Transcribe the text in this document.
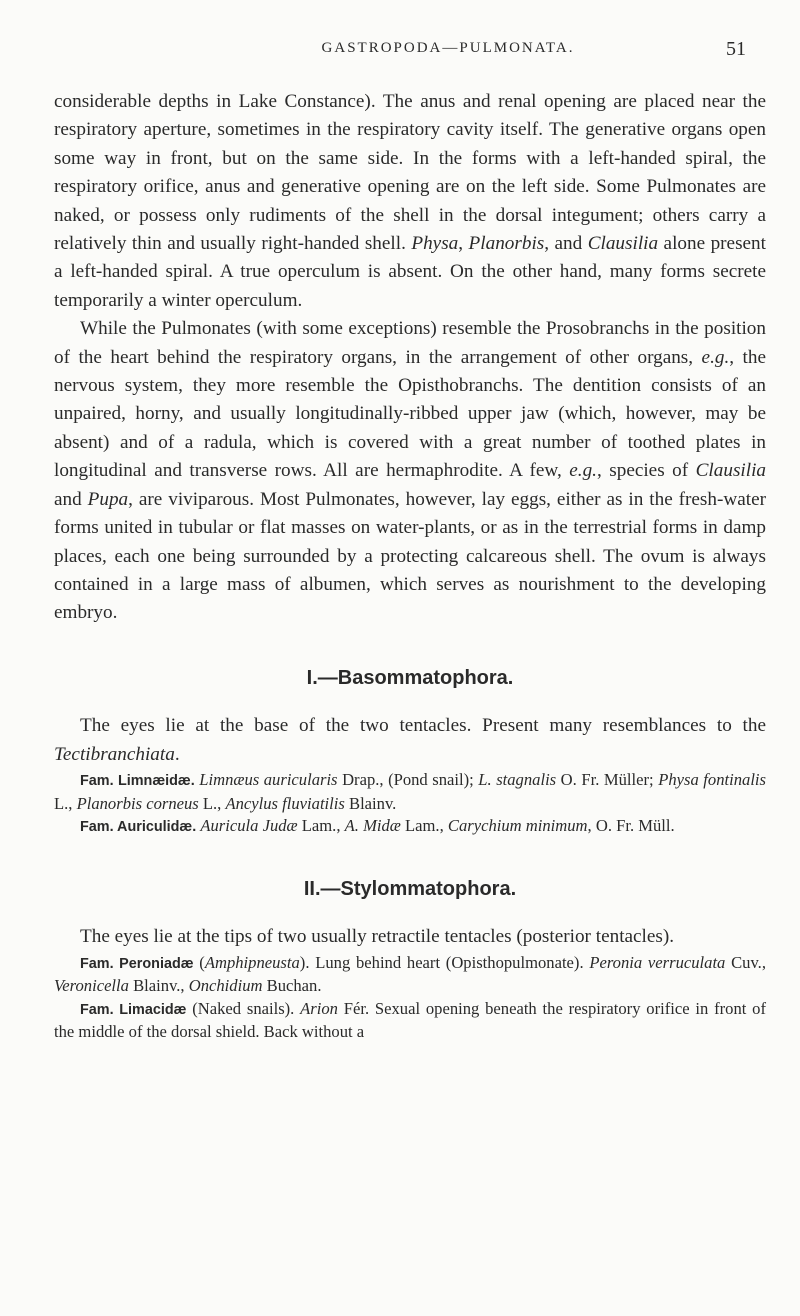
GASTROPODA—PULMONATA.	51

considerable depths in Lake Constance). The anus and renal opening are placed near the respiratory aperture, sometimes in the respiratory cavity itself. The generative organs open some way in front, but on the same side. In the forms with a left-handed spiral, the respiratory orifice, anus and generative opening are on the left side. Some Pulmonates are naked, or possess only rudiments of the shell in the dorsal integument; others carry a relatively thin and usually right-handed shell. Physa, Planorbis, and Clausilia alone present a left-handed spiral. A true operculum is absent. On the other hand, many forms secrete temporarily a winter operculum.

While the Pulmonates (with some exceptions) resemble the Prosobranchs in the position of the heart behind the respiratory organs, in the arrangement of other organs, e.g., the nervous system, they more resemble the Opisthobranchs. The dentition consists of an unpaired, horny, and usually longitudinally-ribbed upper jaw (which, however, may be absent) and of a radula, which is covered with a great number of toothed plates in longitudinal and transverse rows. All are hermaphrodite. A few, e.g., species of Clausilia and Pupa, are viviparous. Most Pulmonates, however, lay eggs, either as in the fresh-water forms united in tubular or flat masses on water-plants, or as in the terrestrial forms in damp places, each one being surrounded by a protecting calcareous shell. The ovum is always contained in a large mass of albumen, which serves as nourishment to the developing embryo.

I.—Basommatophora.

The eyes lie at the base of the two tentacles. Present many resemblances to the Tectibranchiata.

Fam. Limnæidæ. Limnæus auricularis Drap., (Pond snail); L. stagnalis O. Fr. Müller; Physa fontinalis L., Planorbis corneus L., Ancylus fluviatilis Blainv.

Fam. Auriculidæ. Auricula Judæ Lam., A. Midæ Lam., Carychium minimum, O. Fr. Müll.

II.—Stylommatophora.

The eyes lie at the tips of two usually retractile tentacles (posterior tentacles).

Fam. Peroniadæ (Amphipneusta). Lung behind heart (Opisthopulmonate). Peronia verruculata Cuv., Veronicella Blainv., Onchidium Buchan.

Fam. Limacidæ (Naked snails). Arion Fér. Sexual opening beneath the respiratory orifice in front of the middle of the dorsal shield. Back without a
